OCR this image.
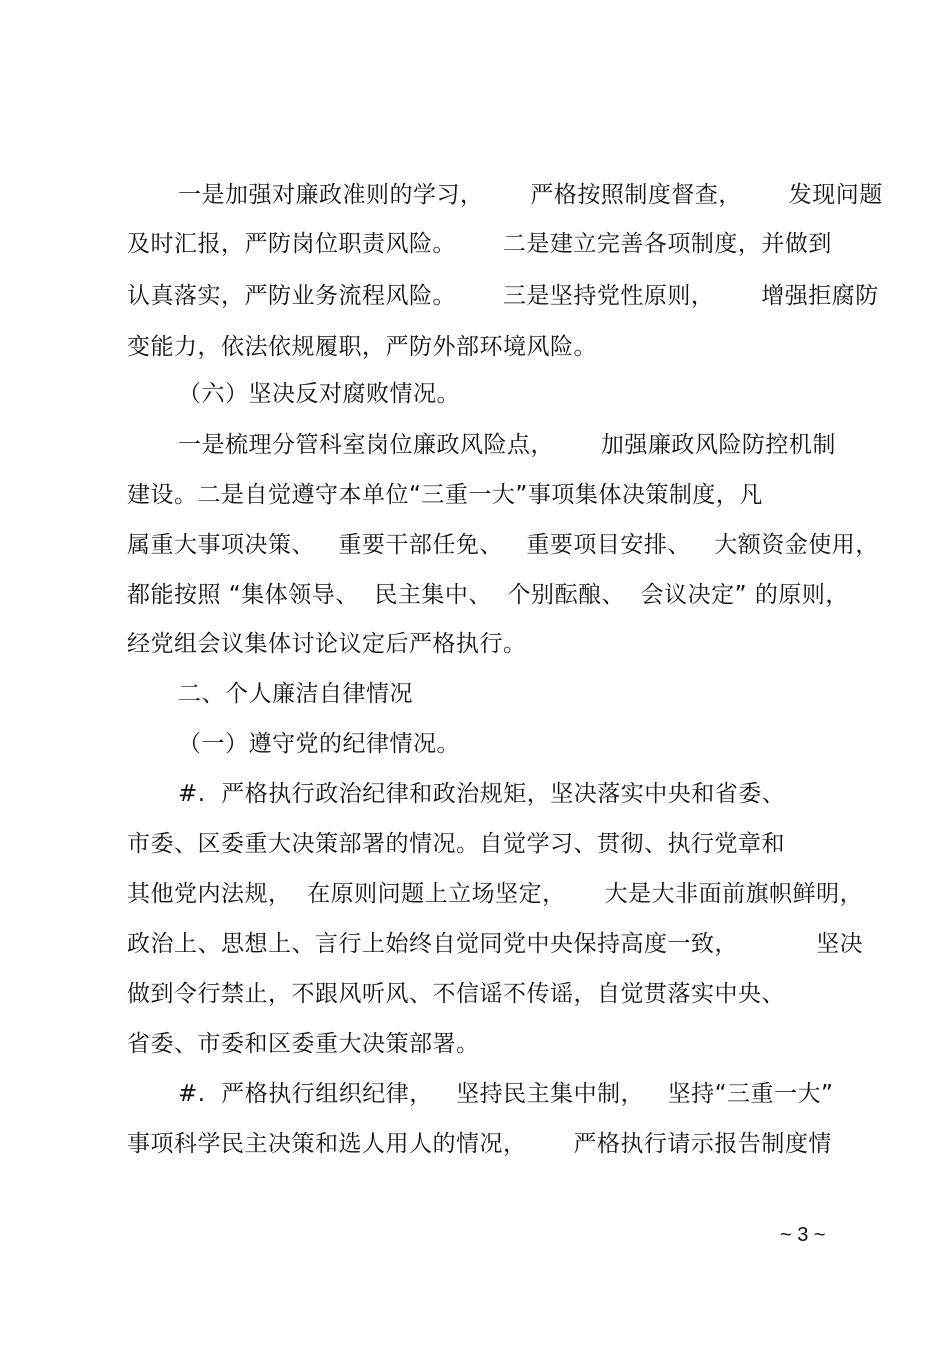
一是加强对廉政准则的学习，      严格按照制度督查，      发现问题
及时汇报，严防岗位职责风险。      二是建立完善各项制度，并做到
认真落实，严防业务流程风险。      三是坚持党性原则，      增强拒腐防
变能力，依法依规履职，严防外部环境风险。
（六）坚决反对腐败情况。
一是梳理分管科室岗位廉政风险点，      加强廉政风险防控机制
建设。二是自觉遵守本单位“三重一大”事项集体决策制度，凡
属重大事项决策、   重要干部任免、   重要项目安排、   大额资金使用，
都能按照 “集体领导、  民主集中、  个别酝酿、  会议决定” 的原则，
经党组会议集体讨论议定后严格执行。
二、个人廉洁自律情况
（一）遵守党的纪律情况。
#.  严格执行政治纪律和政治规矩，坚决落实中央和省委、
市委、区委重大决策部署的情况。自觉学习、贯彻、执行党章和
其他党内法规，  在原则问题上立场坚定，     大是大非面前旗帜鲜明，
政治上、思想上、言行上始终自觉同党中央保持高度一致，          坚决
做到令行禁止，不跟风听风、不信谣不传谣，自觉贯落实中央、
省委、市委和区委重大决策部署。
#.  严格执行组织纪律，   坚持民主集中制，   坚持“三重一大”
事项科学民主决策和选人用人的情况，      严格执行请示报告制度情
~ 3 ~
